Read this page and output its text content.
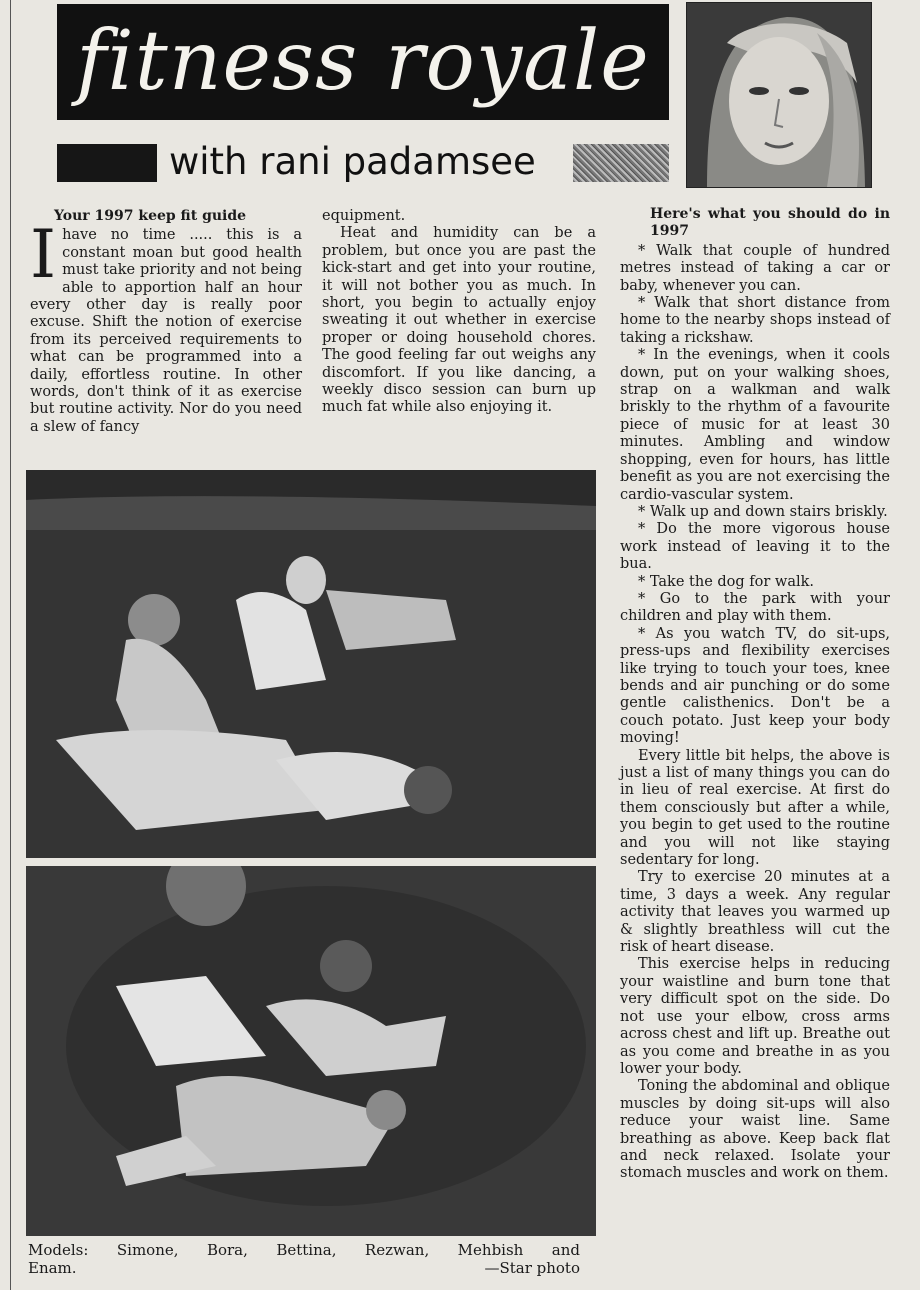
fitness royale
with rani padamsee
Your 1997 keep fit guide
I have no time ..... this is a constant moan but good health must take priority and not being able to apportion half an hour every other day is really poor excuse. Shift the notion of exercise from its perceived requirements to what can be programmed into a daily, effortless routine. In other words, don't think of it as exercise but routine activity. Nor do you need a slew of fancy

equipment.

Heat and humidity can be a problem, but once you are past the kick-start and get into your routine, it will not bother you as much. In short, you begin to actually enjoy sweating it out whether in exercise proper or doing household chores. The good feeling far out weighs any discomfort. If you like dancing, a weekly disco session can burn up much fat while also enjoying it.

Here's what you should do in 1997

* Walk that couple of hundred metres instead of taking a car or baby, whenever you can.

* Walk that short distance from home to the nearby shops instead of taking a rickshaw.

* In the evenings, when it cools down, put on your walking shoes, strap on a walkman and walk briskly to the rhythm of a favourite piece of music for at least 30 minutes. Ambling and window shopping, even for hours, has little benefit as you are not exercising the cardio-vascular system.

* Walk up and down stairs briskly.

* Do the more vigorous house work instead of leaving it to the bua.

* Take the dog for walk.

* Go to the park with your children and play with them.

* As you watch TV, do sit-ups, press-ups and flexibility exercises like trying to touch your toes, knee bends and air punching or do some gentle calisthenics. Don't be a couch potato. Just keep your body moving!

Every little bit helps, the above is just a list of many things you can do in lieu of real exercise. At first do them consciously but after a while, you begin to get used to the routine and you will not like staying sedentary for long.

Try to exercise 20 minutes at a time, 3 days a week. Any regular activity that leaves you warmed up & slightly breathless will cut the risk of heart disease.

This exercise helps in reducing your waistline and burn tone that very difficult spot on the side. Do not use your elbow, cross arms across chest and lift up. Breathe out as you come and breathe in as you lower your body.

Toning the abdominal and oblique muscles by doing sit-ups will also reduce your waist line. Same breathing as above. Keep back flat and neck relaxed. Isolate your stomach muscles and work on them.

Models: Simone, Bora, Bettina, Rezwan, Mehbish and
Enam.	—Star photo
